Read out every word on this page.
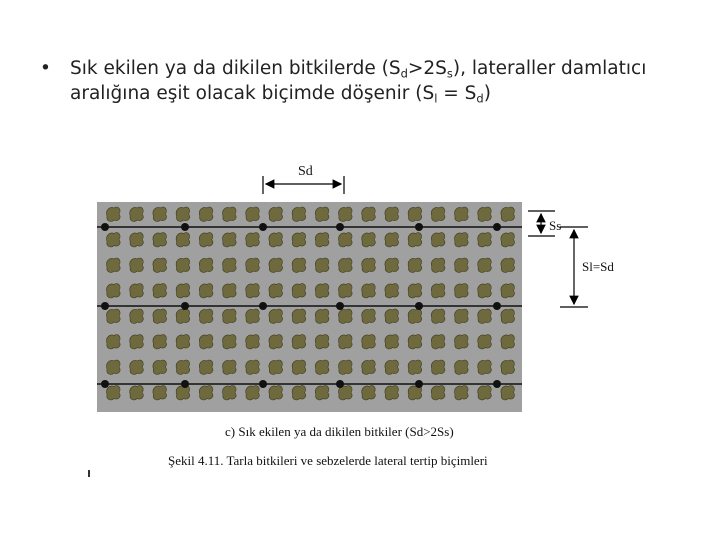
• Sık ekilen ya da dikilen bitkilerde $(S_d>2S_s)$, lateraller damlatıcı
aralığına eşit olacak biçimde döşenir $(S_l = S_d)$
Sd
Ss
Sl=Sd
c) Sık ekilen ya da dikilen bitkiler (Sd>2Ss)
Şekil 4.11. Tarla bitkileri ve sebzelerde lateral tertip biçimleri
